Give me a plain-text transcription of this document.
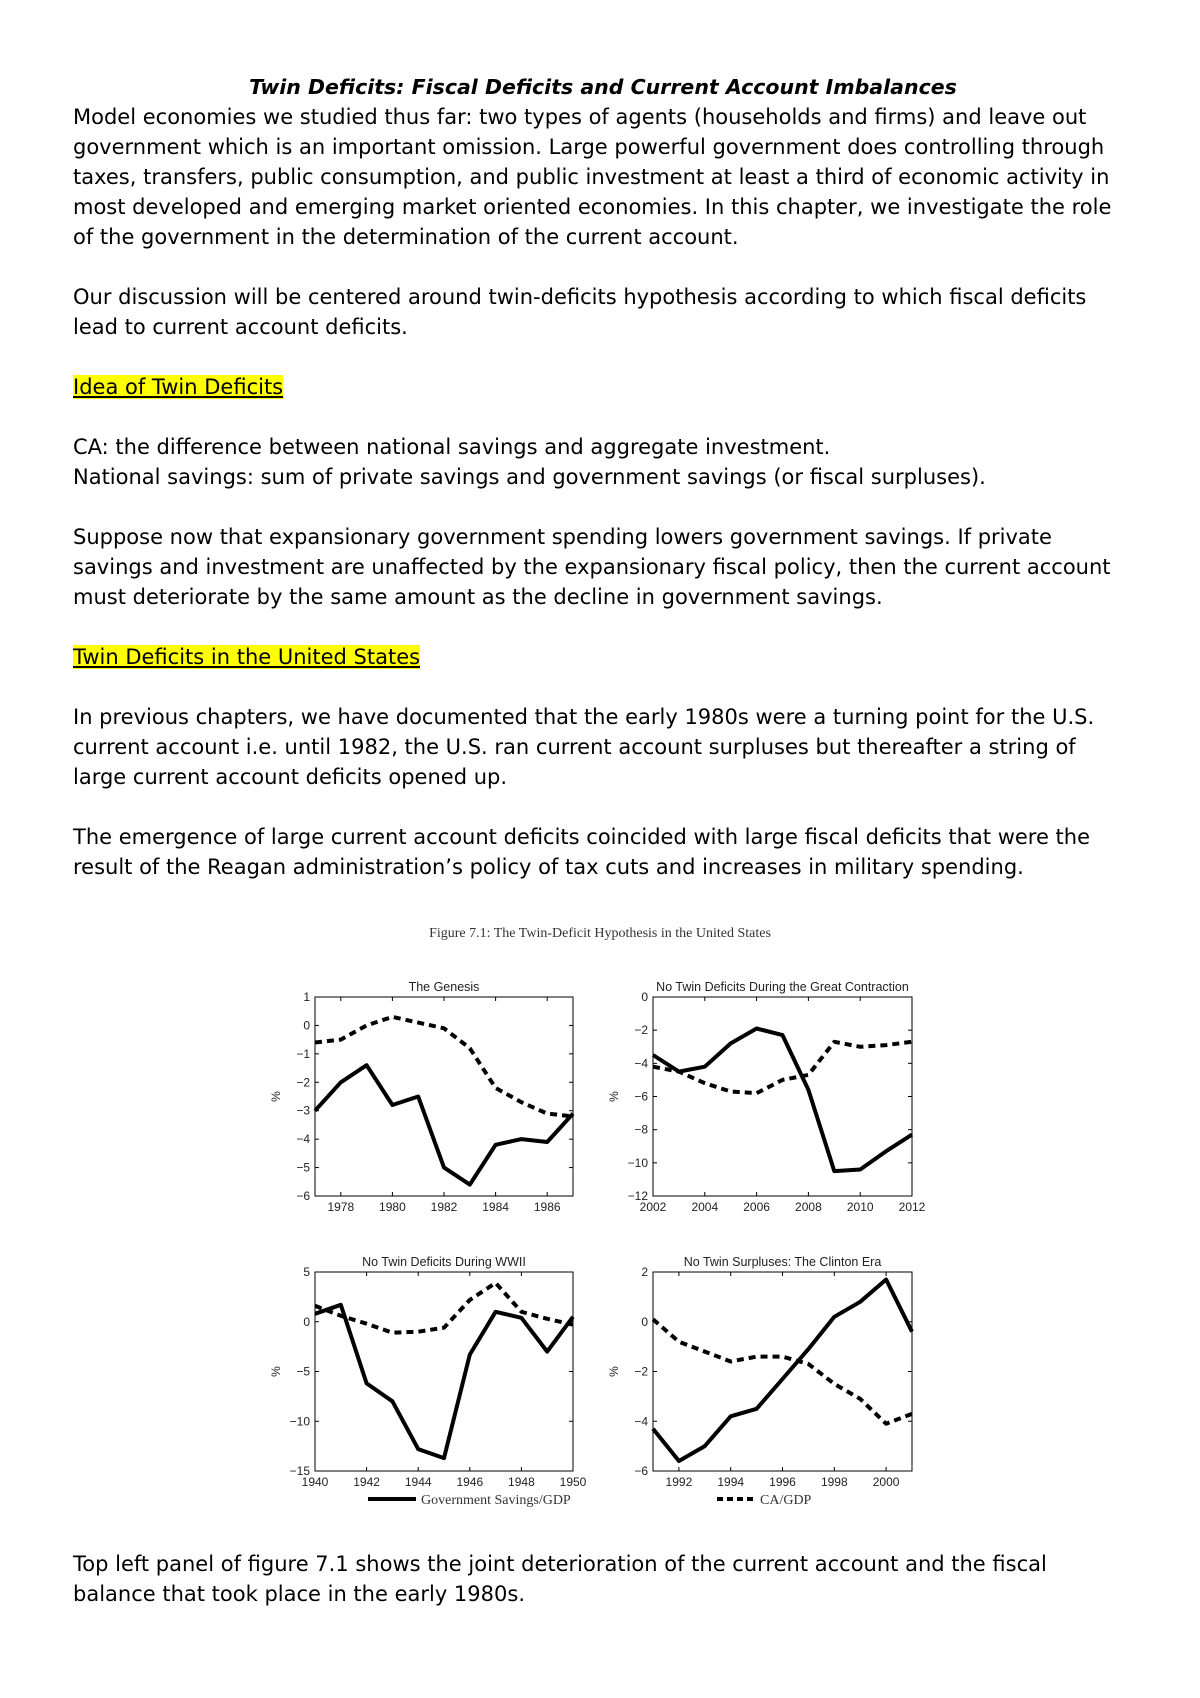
Twin Deficits: Fiscal Deficits and Current Account Imbalances

Model economies we studied thus far: two types of agents (households and firms) and leave out government which is an important omission. Large powerful government does controlling through taxes, transfers, public consumption, and public investment at least a third of economic activity in most developed and emerging market oriented economies. In this chapter, we investigate the role of the government in the determination of the current account.

Our discussion will be centered around twin-deficits hypothesis according to which fiscal deficits lead to current account deficits.

Idea of Twin Deficits

CA: the difference between national savings and aggregate investment.

National savings: sum of private savings and government savings (or fiscal surpluses).

Suppose now that expansionary government spending lowers government savings. If private savings and investment are unaffected by the expansionary fiscal policy, then the current account must deteriorate by the same amount as the decline in government savings.

Twin Deficits in the United States

In previous chapters, we have documented that the early 1980s were a turning point for the U.S. current account i.e. until 1982, the U.S. ran current account surpluses but thereafter a string of large current account deficits opened up.

The emergence of large current account deficits coincided with large fiscal deficits that were the result of the Reagan administration’s policy of tax cuts and increases in military spending.

Figure 7.1: The Twin-Deficit Hypothesis in the United States
The Genesis
1
0
−1
−2
−3
−4
−5
−6
1978 1980 1982 1984 1986
%
No Twin Deficits During the Great Contraction
0
−2
−4
−6
−8
−10
−12
2002 2004 2006 2008 2010 2012
%
No Twin Deficits During WWII
5
0
−5
−10
−15
1940 1942 1944 1946 1948 1950
%
No Twin Surpluses: The Clinton Era
2
0
−2
−4
−6
1992 1994 1996 1998 2000
%
Government Savings/GDP	CA/GDP

Top left panel of figure 7.1 shows the joint deterioration of the current account and the fiscal balance that took place in the early 1980s.
